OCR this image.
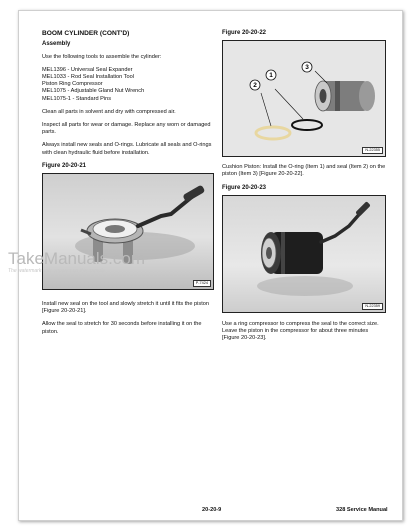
BOOM CYLINDER (CONT'D)
Assembly

Use the following tools to assemble the cylinder:

MEL1396 - Universal Seal Expander

MEL1033 - Rod Seal Installation Tool

Piston Ring Compressor

MEL1075 - Adjustable Gland Nut Wrench

MEL1075-1 - Standard Pins

Clean all parts in solvent and dry with compressed air.

Inspect all parts for wear or damage. Replace any worn or damaged parts.

Always install new seals and O-rings. Lubricate all seals and O-rings with clean hydraulic fluid before installation.

Figure 20-20-21
P-7424

Install new seal on the tool and slowly stretch it until it fits the piston [Figure 20-20-21].

Allow the seal to stretch for 30 seconds before installing it on the piston.

Figure 20-20-22
3
2
1
N-22355

Cushion Piston: Install the O-ring (Item 1) and seal (Item 2) on the piston (Item 3) [Figure 20-20-22].

Figure 20-20-23
N-22359

Use a ring compressor to compress the seal to the correct size. Leave the piston in the compressor for about three minutes [Figure 20-20-23].

20-20-9	328 Service Manual
TakeManuals.com
The watermark only appears on this sample
